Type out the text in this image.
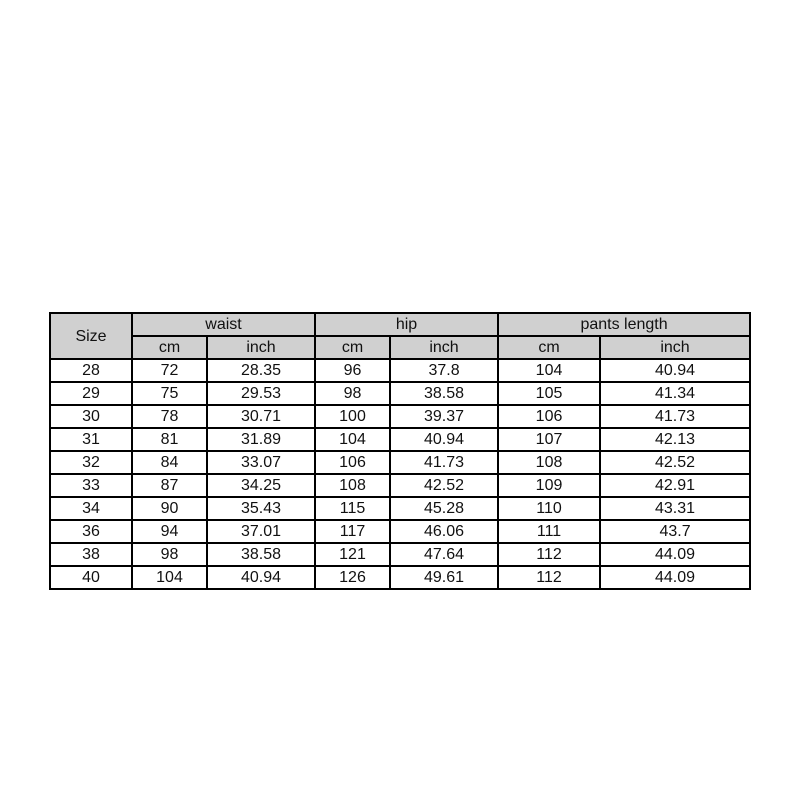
Size	waist		hip		pants length	
	cm	inch	cm	inch	cm	inch
28	72	28.35	96	37.8	104	40.94
29	75	29.53	98	38.58	105	41.34
30	78	30.71	100	39.37	106	41.73
31	81	31.89	104	40.94	107	42.13
32	84	33.07	106	41.73	108	42.52
33	87	34.25	108	42.52	109	42.91
34	90	35.43	115	45.28	110	43.31
36	94	37.01	117	46.06	111	43.7
38	98	38.58	121	47.64	112	44.09
40	104	40.94	126	49.61	112	44.09
